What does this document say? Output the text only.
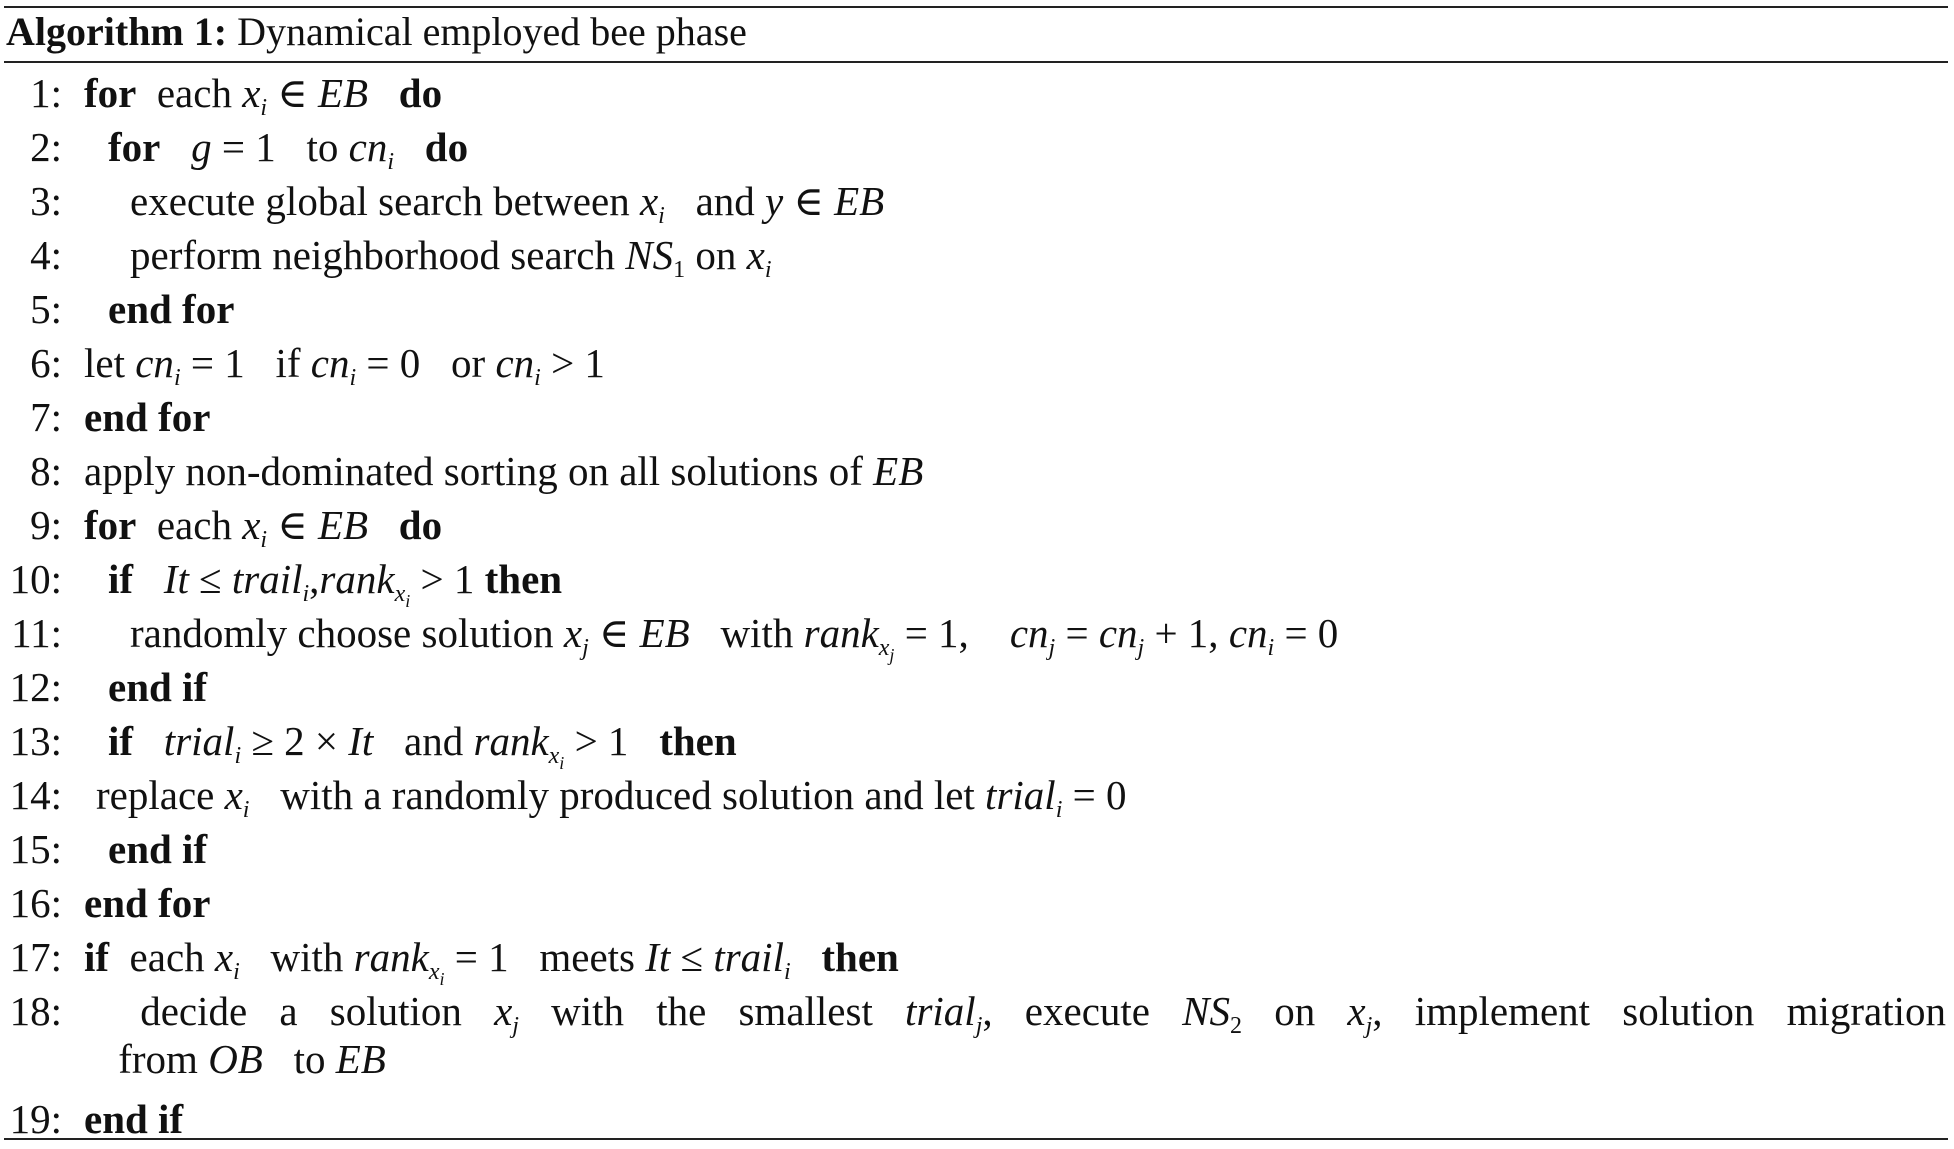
Algorithm 1: Dynamical employed bee phase
1: for each $x_i$ ∈ EB do
2: for g = 1   to $cn_i$ do
3: execute global search between $x_i$ and y ∈ EB
4: perform neighborhood search NS1 on $x_i$
5: end for
6: let $cn_i = 1$   if $cn_i = 0$   or $cn_i > 1$
7: end for
8: apply non-dominated sorting on all solutions of EB
9: for each $x_i$ ∈ EB do
10: if It ≤ trail$_i$,rank$_{x_i}$ > 1 then
11: randomly choose solution $x_j$ ∈ EB with rank$_{x_j}$ = 1,    $cn_j = cn_j + 1$, $cn_i = 0$
12: end if
13: if trial$_i$ ≥ 2 × It and rank$_{x_i}$ > 1   then
14: replace $x_i$ with a randomly produced solution and let trial$_i$ = 0
15: end if
16: end for
17: if each $x_i$ with rank$_{x_i}$ = 1   meets It ≤ trail$_i$ then
18:	decide a solution $x_j$ with the smallest trial$_j$, execute NS2 on $x_j$, implement solution migration
from OB to EB
19: end if
